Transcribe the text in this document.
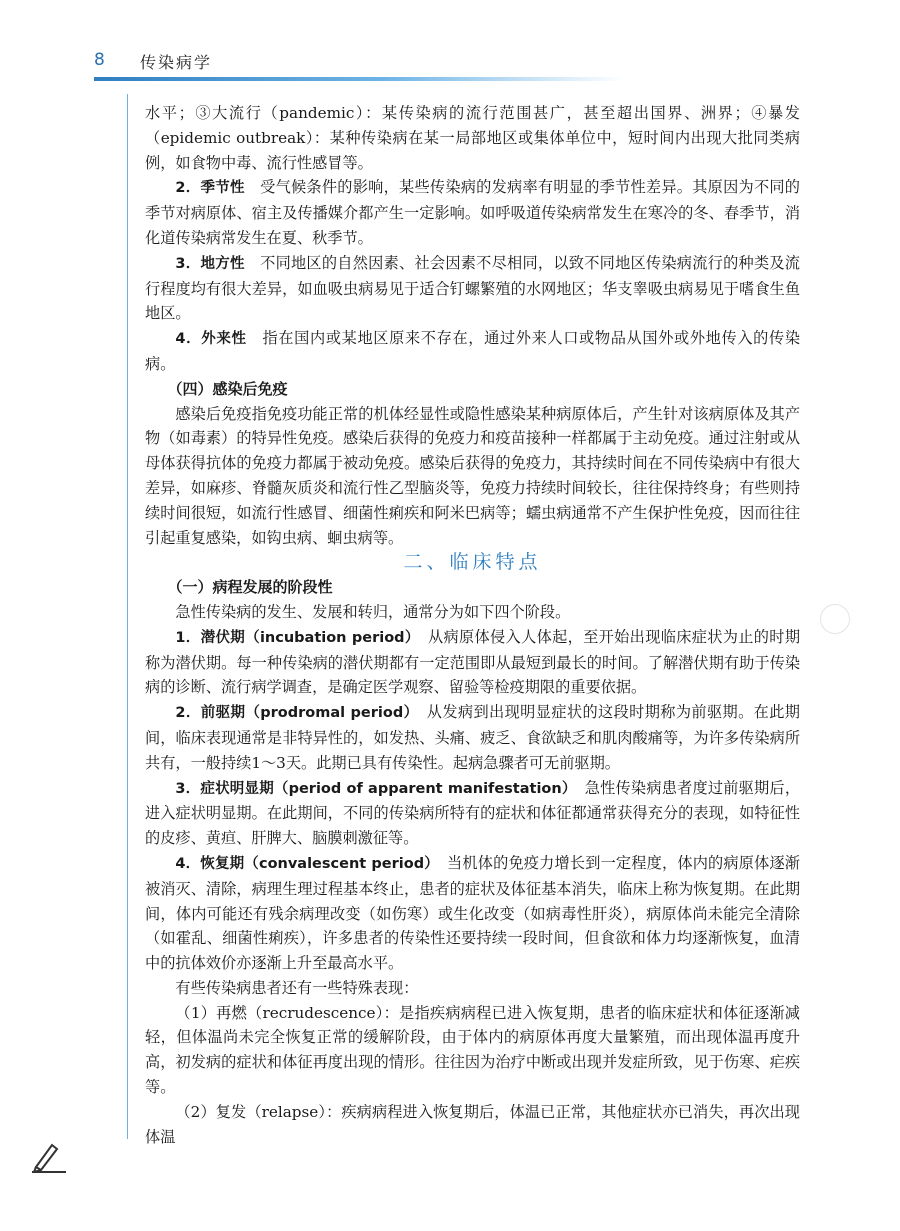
8 传染病学

水平；③大流行（pandemic）：某传染病的流行范围甚广，甚至超出国界、洲界；④暴发（epidemic outbreak）：某种传染病在某一局部地区或集体单位中，短时间内出现大批同类病例，如食物中毒、流行性感冒等。

2．季节性　受气候条件的影响，某些传染病的发病率有明显的季节性差异。其原因为不同的季节对病原体、宿主及传播媒介都产生一定影响。如呼吸道传染病常发生在寒冷的冬、春季节，消化道传染病常发生在夏、秋季节。

3．地方性　不同地区的自然因素、社会因素不尽相同，以致不同地区传染病流行的种类及流行程度均有很大差异，如血吸虫病易见于适合钉螺繁殖的水网地区；华支睾吸虫病易见于嗜食生鱼地区。

4．外来性　指在国内或某地区原来不存在，通过外来人口或物品从国外或外地传入的传染病。

（四）感染后免疫

感染后免疫指免疫功能正常的机体经显性或隐性感染某种病原体后，产生针对该病原体及其产物（如毒素）的特异性免疫。感染后获得的免疫力和疫苗接种一样都属于主动免疫。通过注射或从母体获得抗体的免疫力都属于被动免疫。感染后获得的免疫力，其持续时间在不同传染病中有很大差异，如麻疹、脊髓灰质炎和流行性乙型脑炎等，免疫力持续时间较长，往往保持终身；有些则持续时间很短，如流行性感冒、细菌性痢疾和阿米巴病等；蠕虫病通常不产生保护性免疫，因而往往引起重复感染，如钩虫病、蛔虫病等。

二、临床特点

（一）病程发展的阶段性

急性传染病的发生、发展和转归，通常分为如下四个阶段。

1．潜伏期（incubation period）　从病原体侵入人体起，至开始出现临床症状为止的时期称为潜伏期。每一种传染病的潜伏期都有一定范围即从最短到最长的时间。了解潜伏期有助于传染病的诊断、流行病学调查，是确定医学观察、留验等检疫期限的重要依据。

2．前驱期（prodromal period）　从发病到出现明显症状的这段时期称为前驱期。在此期间，临床表现通常是非特异性的，如发热、头痛、疲乏、食欲缺乏和肌肉酸痛等，为许多传染病所共有，一般持续1～3天。此期已具有传染性。起病急骤者可无前驱期。

3．症状明显期（period of apparent manifestation）　急性传染病患者度过前驱期后，进入症状明显期。在此期间，不同的传染病所特有的症状和体征都通常获得充分的表现，如特征性的皮疹、黄疸、肝脾大、脑膜刺激征等。

4．恢复期（convalescent period）　当机体的免疫力增长到一定程度，体内的病原体逐渐被消灭、清除，病理生理过程基本终止，患者的症状及体征基本消失，临床上称为恢复期。在此期间，体内可能还有残余病理改变（如伤寒）或生化改变（如病毒性肝炎），病原体尚未能完全清除（如霍乱、细菌性痢疾），许多患者的传染性还要持续一段时间，但食欲和体力均逐渐恢复，血清中的抗体效价亦逐渐上升至最高水平。

有些传染病患者还有一些特殊表现：

（1）再燃（recrudescence）：是指疾病病程已进入恢复期，患者的临床症状和体征逐渐减轻，但体温尚未完全恢复正常的缓解阶段，由于体内的病原体再度大量繁殖，而出现体温再度升高，初发病的症状和体征再度出现的情形。往往因为治疗中断或出现并发症所致，见于伤寒、疟疾等。

（2）复发（relapse）：疾病病程进入恢复期后，体温已正常，其他症状亦已消失，再次出现体温
